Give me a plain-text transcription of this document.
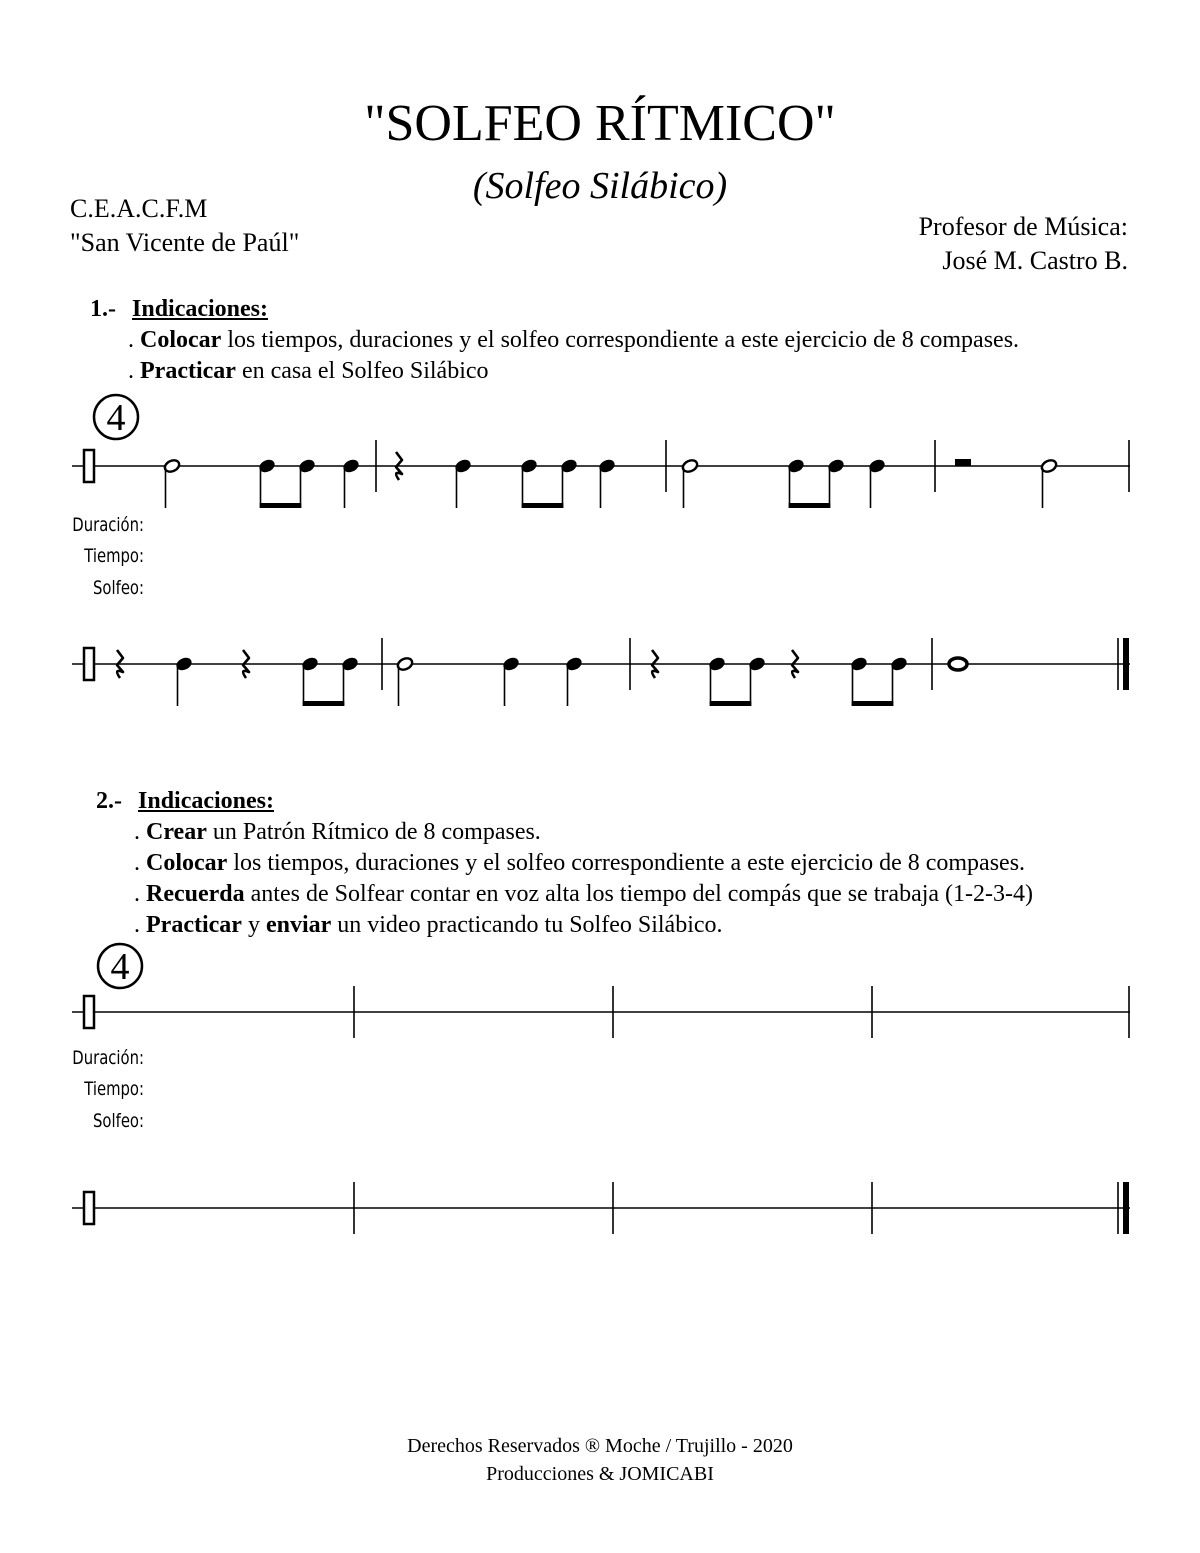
"SOLFEO RÍTMICO"
(Solfeo Silábico)
C.E.A.C.F.M
"San Vicente de Paúl"
Profesor de Música:
José M. Castro B.
1.- Indicaciones:
. Colocar los tiempos, duraciones y el solfeo correspondiente a este ejercicio de 8 compases.
. Practicar en casa el Solfeo Silábico
4
Duración:
Tiempo:
Solfeo:
2.- Indicaciones:
. Crear un Patrón Rítmico de 8 compases.
. Colocar los tiempos, duraciones y el solfeo correspondiente a este ejercicio de 8 compases.
. Recuerda antes de Solfear contar en voz alta los tiempo del compás que se trabaja (1-2-3-4)
. Practicar y enviar un video practicando tu Solfeo Silábico.
4
Duración:
Tiempo:
Solfeo:
Derechos Reservados ® Moche / Trujillo - 2020
Producciones & JOMICABI
